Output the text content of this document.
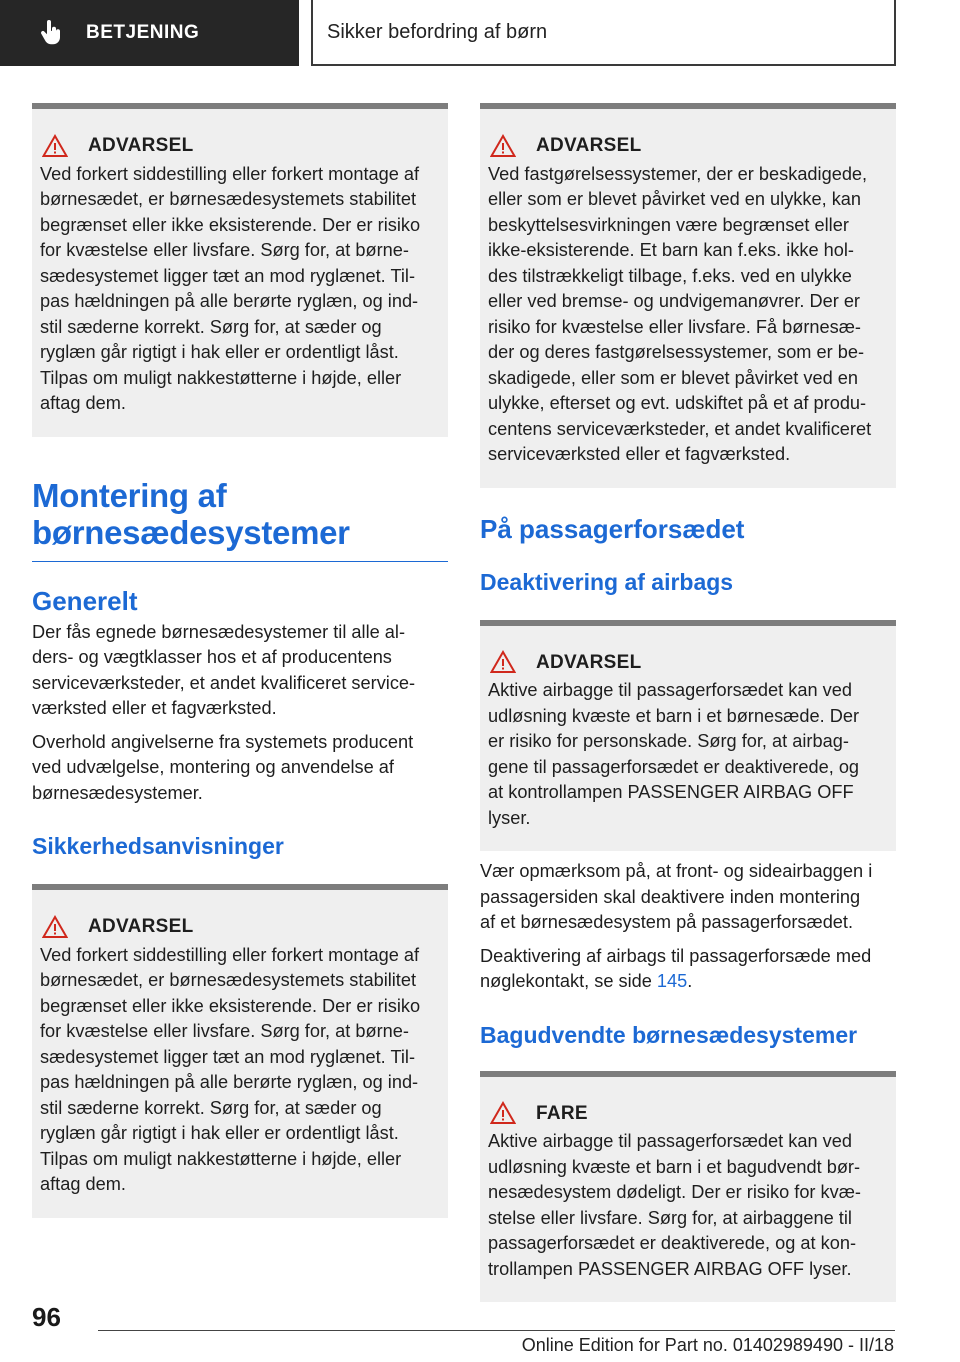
BETJENING	Sikker befordring af børn
ADVARSEL
Ved forkert siddestilling eller forkert montage af
børnesædet, er børnesædesystemets stabilitet
begrænset eller ikke eksisterende. Der er risiko
for kvæstelse eller livsfare. Sørg for, at børne‐
sædesystemet ligger tæt an mod ryglænet. Til‐
pas hældningen på alle berørte ryglæn, og ind‐
stil sæderne korrekt. Sørg for, at sæder og
ryglæn går rigtigt i hak eller er ordentligt låst.
Tilpas om muligt nakkestøtterne i højde, eller
aftag dem.
Montering af
børnesædesystemer
Generelt
Der fås egnede børnesædesystemer til alle al‐
ders- og vægtklasser hos et af producentens
serviceværksteder, et andet kvalificeret service‐
værksted eller et fagværksted.
Overhold angivelserne fra systemets producent
ved udvælgelse, montering og anvendelse af
børnesædesystemer.
Sikkerhedsanvisninger
ADVARSEL
Ved forkert siddestilling eller forkert montage af
børnesædet, er børnesædesystemets stabilitet
begrænset eller ikke eksisterende. Der er risiko
for kvæstelse eller livsfare. Sørg for, at børne‐
sædesystemet ligger tæt an mod ryglænet. Til‐
pas hældningen på alle berørte ryglæn, og ind‐
stil sæderne korrekt. Sørg for, at sæder og
ryglæn går rigtigt i hak eller er ordentligt låst.
Tilpas om muligt nakkestøtterne i højde, eller
aftag dem.
ADVARSEL
Ved fastgørelsessystemer, der er beskadigede,
eller som er blevet påvirket ved en ulykke, kan
beskyttelsesvirkningen være begrænset eller
ikke-eksisterende. Et barn kan f.eks. ikke hol‐
des tilstrækkeligt tilbage, f.eks. ved en ulykke
eller ved bremse- og undvigemanøvrer. Der er
risiko for kvæstelse eller livsfare. Få børnesæ‐
der og deres fastgørelsessystemer, som er be‐
skadigede, eller som er blevet påvirket ved en
ulykke, efterset og evt. udskiftet på et af produ‐
centens serviceværksteder, et andet kvalificeret
serviceværksted eller et fagværksted.
På passagerforsædet
Deaktivering af airbags
ADVARSEL
Aktive airbagge til passagerforsædet kan ved
udløsning kvæste et barn i et børnesæde. Der
er risiko for personskade. Sørg for, at airbag‐
gene til passagerforsædet er deaktiverede, og
at kontrollampen PASSENGER AIRBAG OFF
lyser.
Vær opmærksom på, at front- og sideairbaggen i
passagersiden skal deaktivere inden montering
af et børnesædesystem på passagerforsædet.
Deaktivering af airbags til passagerforsæde med
nøglekontakt, se side 145.
Bagudvendte børnesædesystemer
FARE
Aktive airbagge til passagerforsædet kan ved
udløsning kvæste et barn i et bagudvendt bør‐
nesædesystem dødeligt. Der er risiko for kvæ‐
stelse eller livsfare. Sørg for, at airbaggene til
passagerforsædet er deaktiverede, og at kon‐
trollampen PASSENGER AIRBAG OFF lyser.
96
Online Edition for Part no. 01402989490 - II/18
